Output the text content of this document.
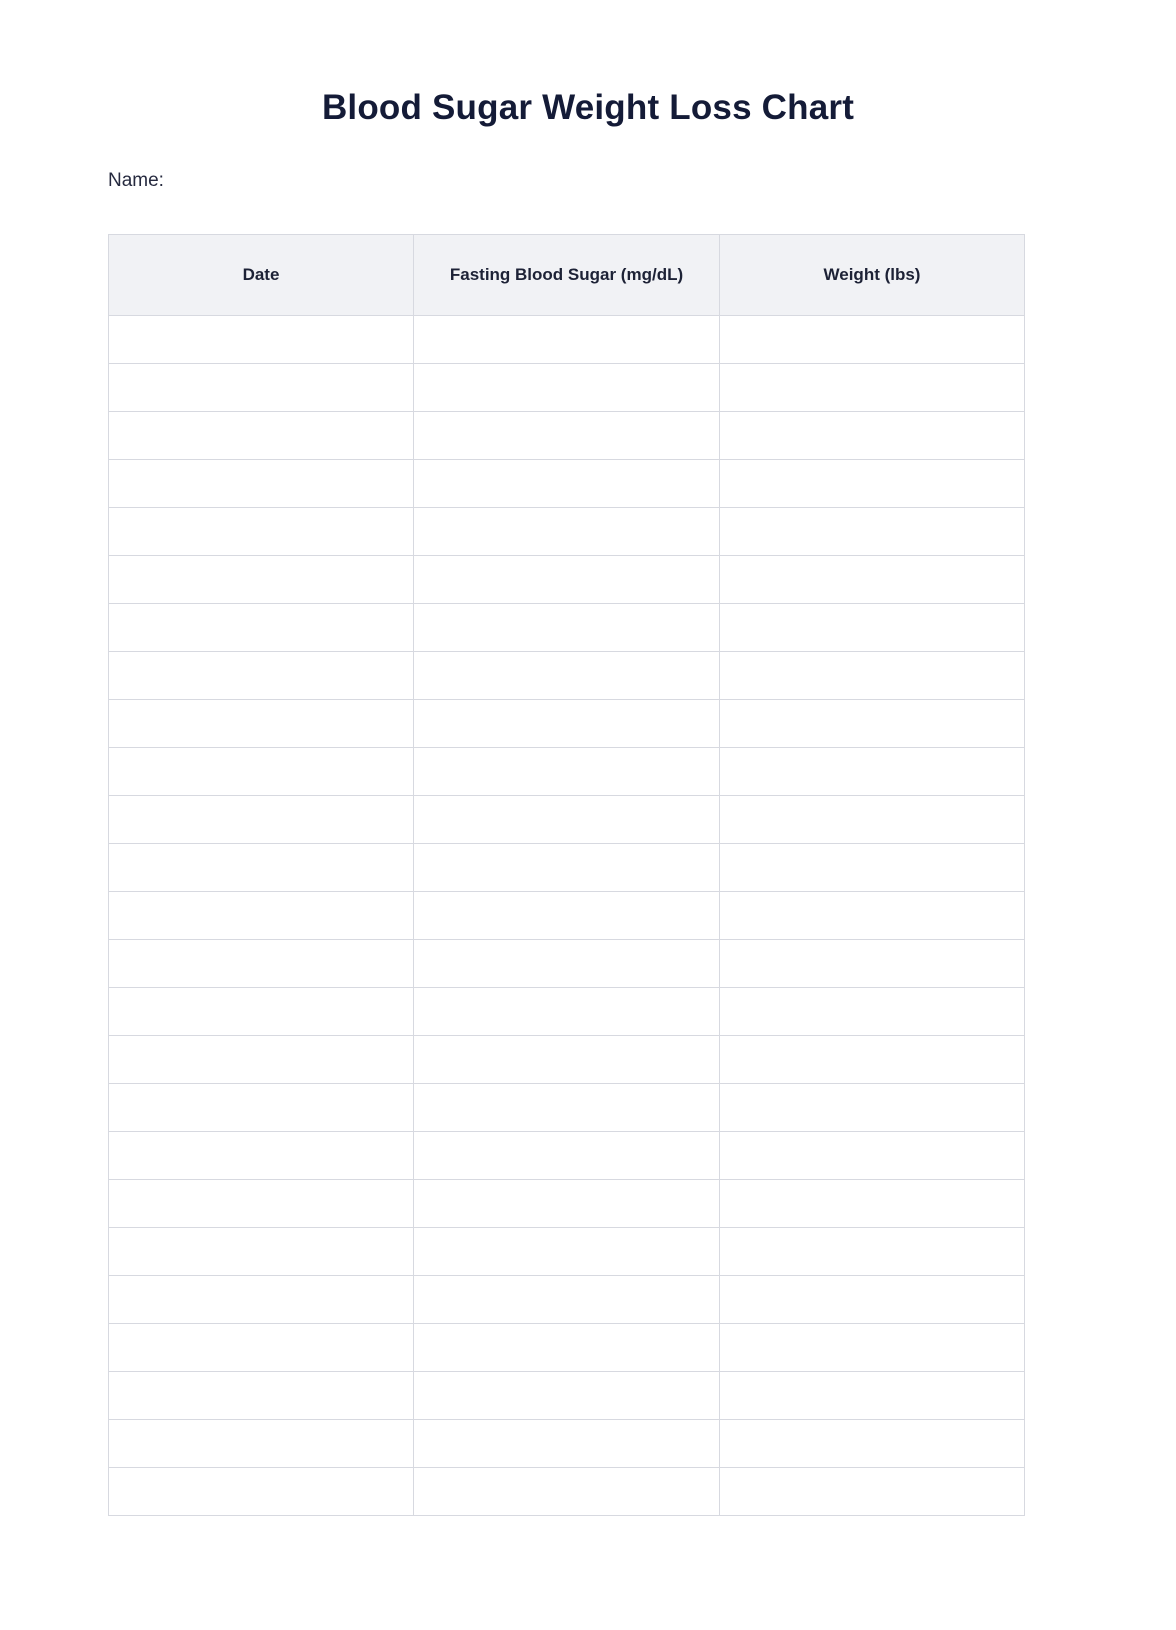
Blood Sugar Weight Loss Chart
Name:
Date	Fasting Blood Sugar (mg/dL)	Weight (lbs)
